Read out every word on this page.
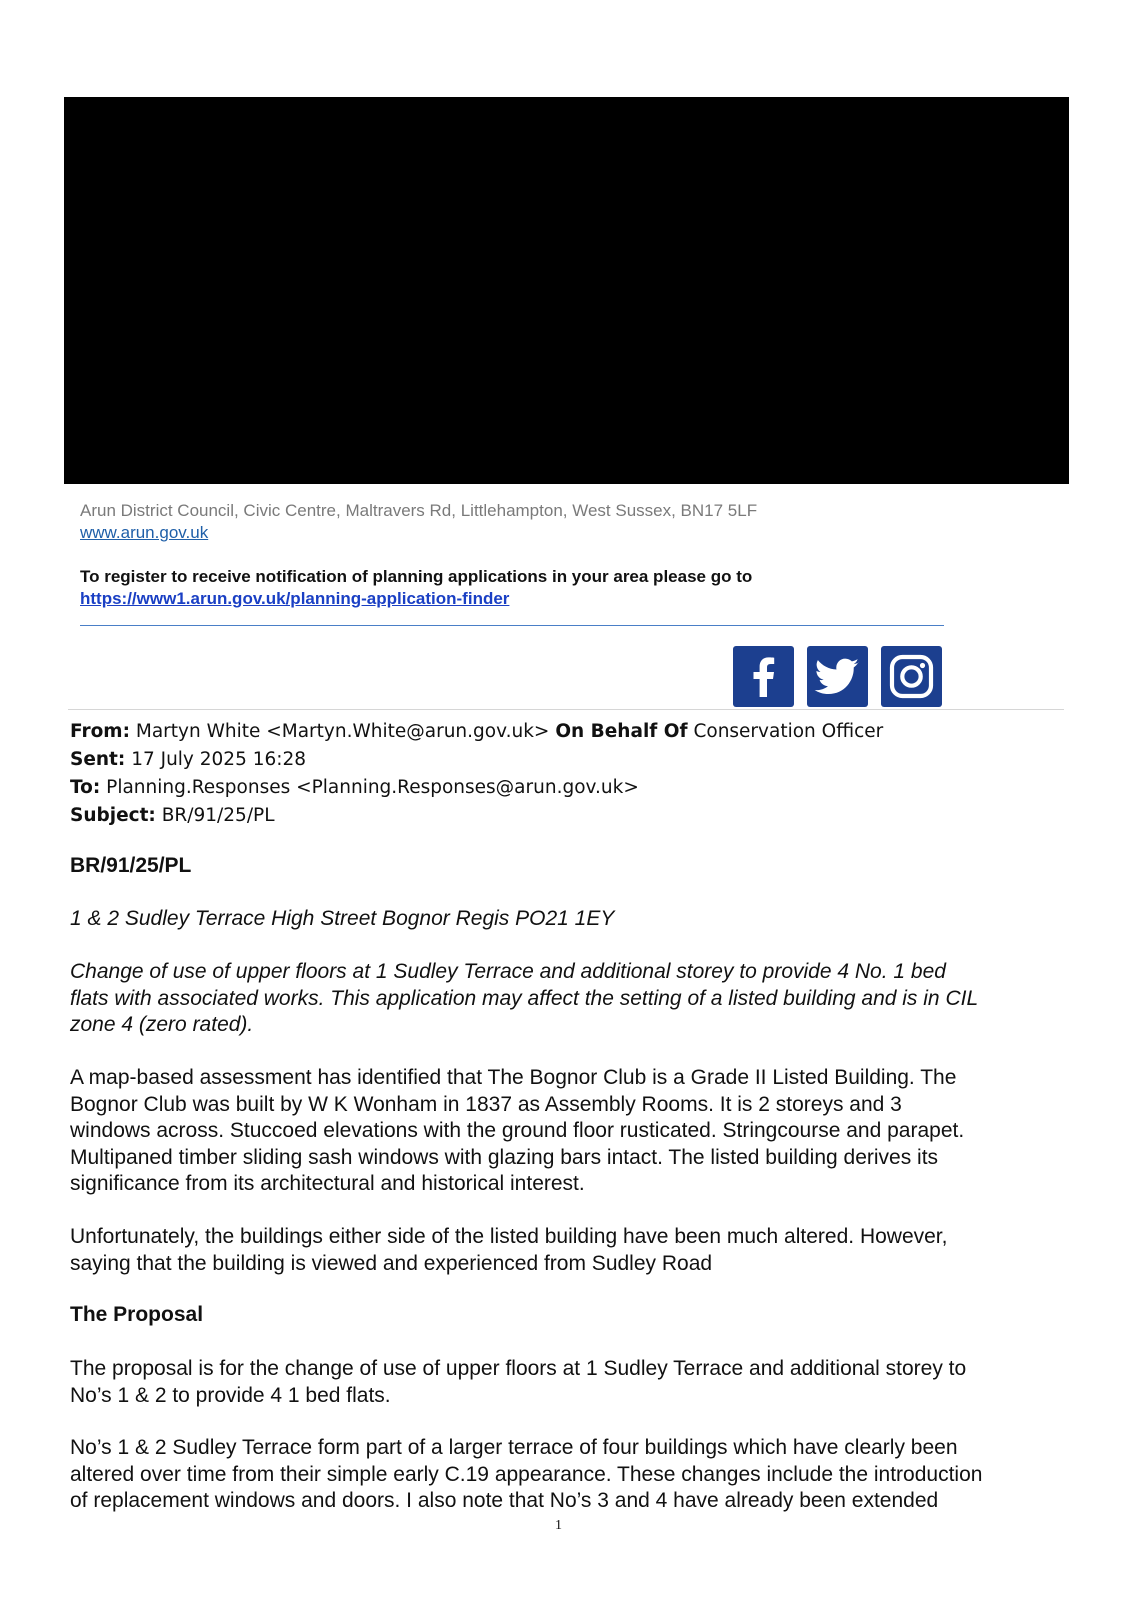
Arun District Council, Civic Centre, Maltravers Rd, Littlehampton, West Sussex, BN17 5LF
www.arun.gov.uk
To register to receive notification of planning applications in your area please go to
https://www1.arun.gov.uk/planning-application-finder
From: Martyn White <Martyn.White@arun.gov.uk> On Behalf Of Conservation Officer
Sent: 17 July 2025 16:28
To: Planning.Responses <Planning.Responses@arun.gov.uk>
Subject: BR/91/25/PL
BR/91/25/PL
1 & 2 Sudley Terrace High Street Bognor Regis PO21 1EY
Change of use of upper floors at 1 Sudley Terrace and additional storey to provide 4 No. 1 bed
flats with associated works. This application may affect the setting of a listed building and is in CIL
zone 4 (zero rated).
A map-based assessment has identified that The Bognor Club is a Grade II Listed Building. The
Bognor Club was built by W K Wonham in 1837 as Assembly Rooms. It is 2 storeys and 3
windows across. Stuccoed elevations with the ground floor rusticated. Stringcourse and parapet.
Multipaned timber sliding sash windows with glazing bars intact. The listed building derives its
significance from its architectural and historical interest.
Unfortunately, the buildings either side of the listed building have been much altered. However,
saying that the building is viewed and experienced from Sudley Road
The Proposal
The proposal is for the change of use of upper floors at 1 Sudley Terrace and additional storey to
No’s 1 & 2 to provide 4 1 bed flats.
No’s 1 & 2 Sudley Terrace form part of a larger terrace of four buildings which have clearly been
altered over time from their simple early C.19 appearance. These changes include the introduction
of replacement windows and doors. I also note that No’s 3 and 4 have already been extended
1
